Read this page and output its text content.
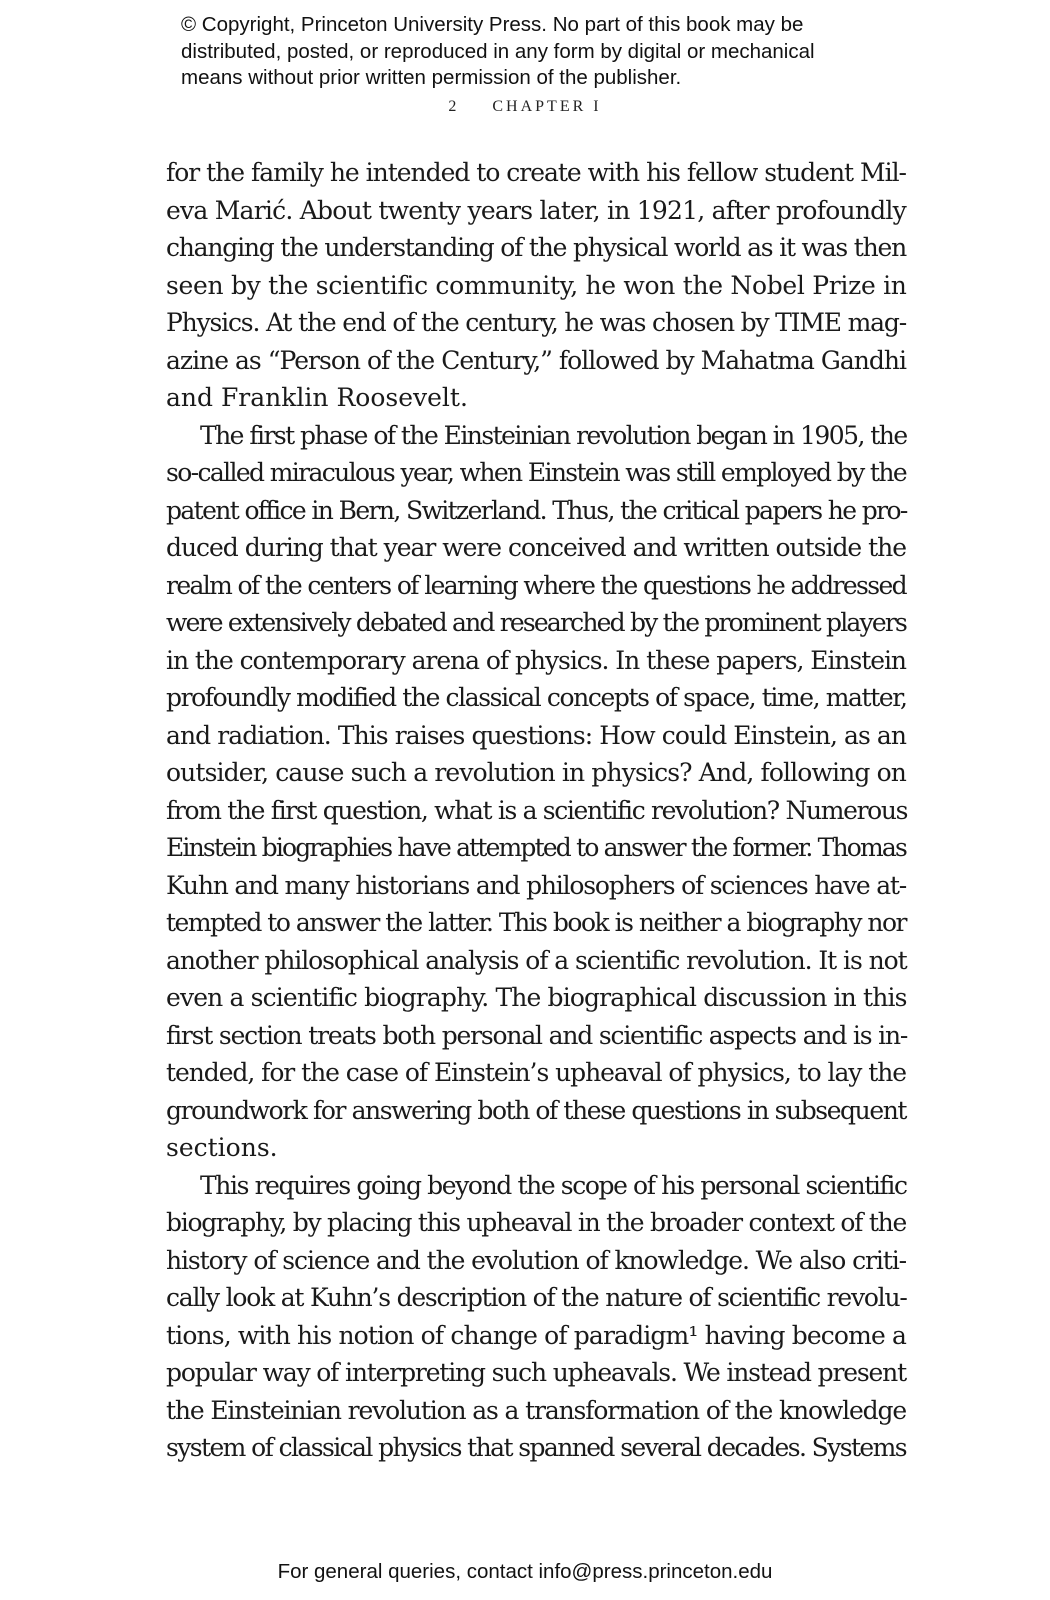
© Copyright, Princeton University Press. No part of this book may be
distributed, posted, or reproduced in any form by digital or mechanical
means without prior written permission of the publisher.
2 CHAPTER I
for the family he intended to create with his fellow student Mil-
eva Marić. About twenty years later, in 1921, after profoundly
changing the understanding of the physical world as it was then
seen by the scientific community, he won the Nobel Prize in
Physics. At the end of the century, he was chosen by TIME mag-
azine as “Person of the Century,” followed by Mahatma Gandhi
and Franklin Roosevelt.
The first phase of the Einsteinian revolution began in 1905, the
so-called miraculous year, when Einstein was still employed by the
patent office in Bern, Switzerland. Thus, the critical papers he pro-
duced during that year were conceived and written outside the
realm of the centers of learning where the questions he addressed
were extensively debated and researched by the prominent players
in the contemporary arena of physics. In these papers, Einstein
profoundly modified the classical concepts of space, time, matter,
and radiation. This raises questions: How could Einstein, as an
outsider, cause such a revolution in physics? And, following on
from the first question, what is a scientific revolution? Numerous
Einstein biographies have attempted to answer the former. Thomas
Kuhn and many historians and philosophers of sciences have at-
tempted to answer the latter. This book is neither a biography nor
another philosophical analysis of a scientific revolution. It is not
even a scientific biography. The biographical discussion in this
first section treats both personal and scientific aspects and is in-
tended, for the case of Einstein’s upheaval of physics, to lay the
groundwork for answering both of these questions in subsequent
sections.
This requires going beyond the scope of his personal scientific
biography, by placing this upheaval in the broader context of the
history of science and the evolution of knowledge. We also criti-
cally look at Kuhn’s description of the nature of scientific revolu-
tions, with his notion of change of paradigm¹ having become a
popular way of interpreting such upheavals. We instead present
the Einsteinian revolution as a transformation of the knowledge
system of classical physics that spanned several decades. Systems
For general queries, contact info@press.princeton.edu
